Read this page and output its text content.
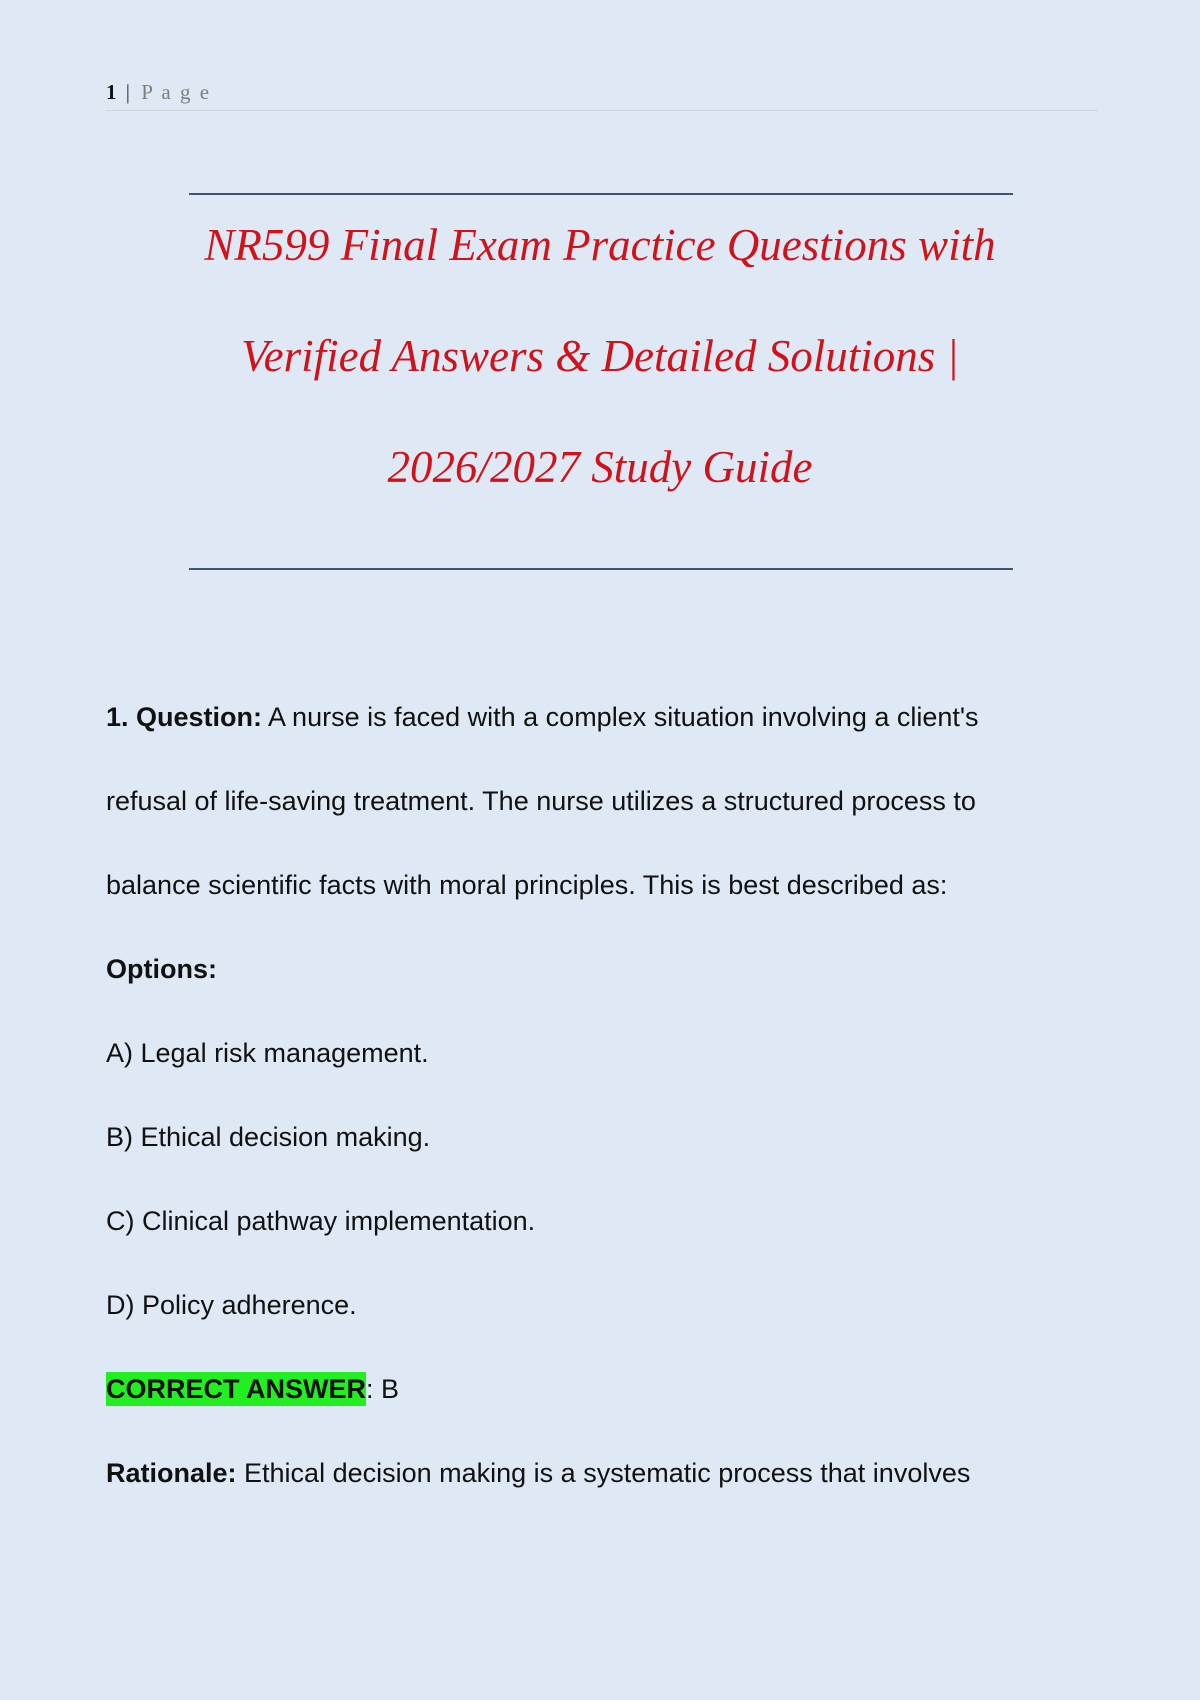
1 | P a g e
NR599 Final Exam Practice Questions with
Verified Answers & Detailed Solutions |
2026/2027 Study Guide
1. Question: A nurse is faced with a complex situation involving a client's
refusal of life-saving treatment. The nurse utilizes a structured process to
balance scientific facts with moral principles. This is best described as:
Options:
A) Legal risk management.
B) Ethical decision making.
C) Clinical pathway implementation.
D) Policy adherence.
CORRECT ANSWER: B
Rationale: Ethical decision making is a systematic process that involves
